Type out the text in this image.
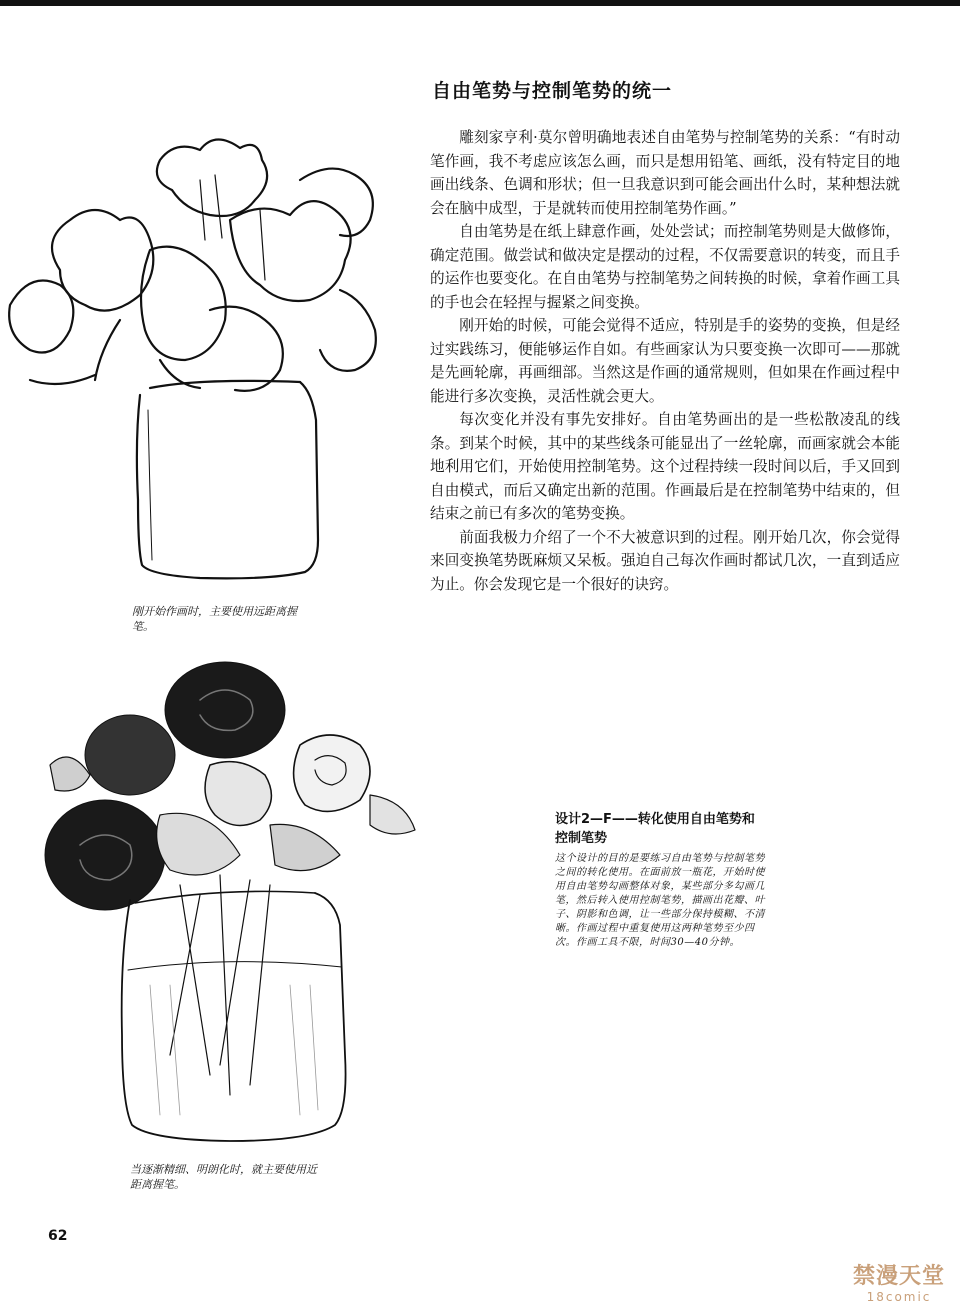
自由笔势与控制笔势的统一

雕刻家亨利·莫尔曾明确地表述自由笔势与控制笔势的关系：“有时动笔作画，我不考虑应该怎么画，而只是想用铅笔、画纸，没有特定目的地画出线条、色调和形状；但一旦我意识到可能会画出什么时，某种想法就会在脑中成型，于是就转而使用控制笔势作画。”

自由笔势是在纸上肆意作画，处处尝试；而控制笔势则是大做修饰，确定范围。做尝试和做决定是摆动的过程，不仅需要意识的转变，而且手的运作也要变化。在自由笔势与控制笔势之间转换的时候，拿着作画工具的手也会在轻捏与握紧之间变换。

刚开始的时候，可能会觉得不适应，特别是手的姿势的变换，但是经过实践练习，便能够运作自如。有些画家认为只要变换一次即可——那就是先画轮廓，再画细部。当然这是作画的通常规则，但如果在作画过程中能进行多次变换，灵活性就会更大。

每次变化并没有事先安排好。自由笔势画出的是一些松散凌乱的线条。到某个时候，其中的某些线条可能显出了一丝轮廓，而画家就会本能地利用它们，开始使用控制笔势。这个过程持续一段时间以后，手又回到自由模式，而后又确定出新的范围。作画最后是在控制笔势中结束的，但结束之前已有多次的笔势变换。

前面我极力介绍了一个不大被意识到的过程。刚开始几次，你会觉得来回变换笔势既麻烦又呆板。强迫自己每次作画时都试几次，一直到适应为止。你会发现它是一个很好的诀窍。

刚开始作画时，主要使用远距离握笔。
当逐渐精细、明朗化时，就主要使用近距离握笔。
设计2—F——转化使用自由笔势和控制笔势
这个设计的目的是要练习自由笔势与控制笔势之间的转化使用。在面前放一瓶花，开始时使用自由笔势勾画整体对象，某些部分多勾画几笔，然后转入使用控制笔势，描画出花瓣、叶子、阴影和色调，让一些部分保持模糊、不清晰。作画过程中重复使用这两种笔势至少四次。作画工具不限，时间30—40分钟。
62
禁漫天堂
18comic
